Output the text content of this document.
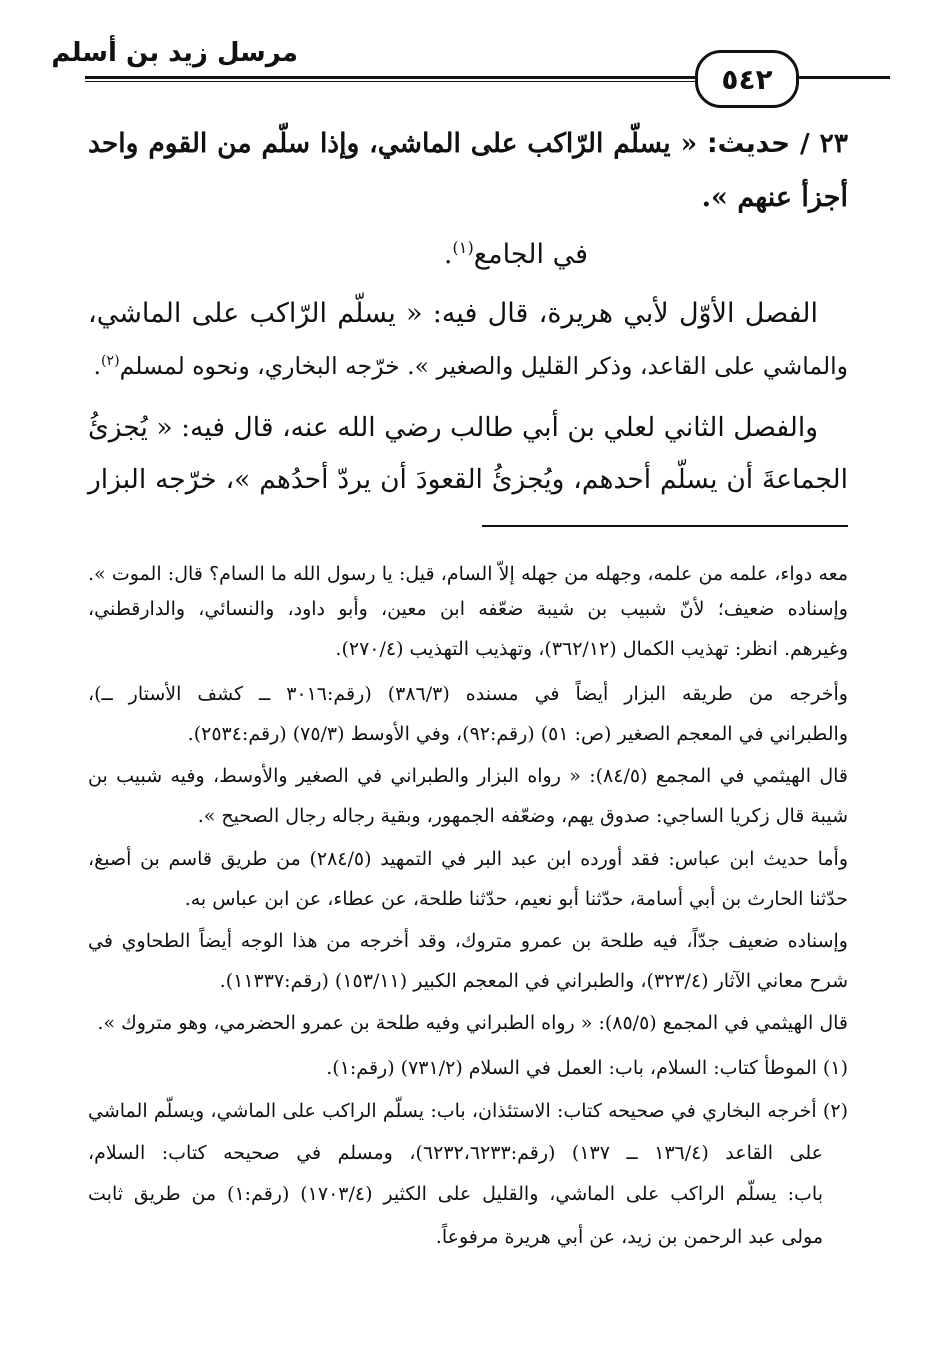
مرسل زيد بن أسلم
٥٤٢
٢٣ / حديث: « يسلّم الرّاكب على الماشي، وإذا سلّم من القوم واحد
أجزأ عنهم ».
في الجامع$^{(١)}$.
الفصل الأوّل لأبي هريرة، قال فيه: « يسلّم الرّاكب على الماشي،
والماشي على القاعد، وذكر القليل والصغير ». خرّجه البخاري، ونحوه لمسلم$^{(٢)}$.
والفصل الثاني لعلي بن أبي طالب رضي الله عنه، قال فيه: « يُجزئُ
الجماعةَ أن يسلّم أحدهم، ويُجزئُ القعودَ أن يردّ أحدُهم »، خرّجه البزار
معه دواء، علمه من علمه، وجهله من جهله إلاّ السام، قيل: يا رسول الله ما السام؟ قال: الموت ».
وإسناده ضعيف؛ لأنّ شبيب بن شيبة ضعّفه ابن معين، وأبو داود، والنسائي، والدارقطني،
وغيرهم. انظر: تهذيب الكمال (٣٦٢/١٢)، وتهذيب التهذيب (٢٧٠/٤).
وأخرجه من طريقه البزار أيضاً في مسنده (٣٨٦/٣) (رقم:٣٠١٦ ــ كشف الأستار ــ)،
والطبراني في المعجم الصغير (ص: ٥١) (رقم:٩٢)، وفي الأوسط (٧٥/٣) (رقم:٢٥٣٤).
قال الهيثمي في المجمع (٨٤/٥): « رواه البزار والطبراني في الصغير والأوسط، وفيه شبيب بن
شيبة قال زكريا الساجي: صدوق يهم، وضعّفه الجمهور، وبقية رجاله رجال الصحيح ».
وأما حديث ابن عباس: فقد أورده ابن عبد البر في التمهيد (٢٨٤/٥) من طريق قاسم بن أصبغ،
حدّثنا الحارث بن أبي أسامة، حدّثنا أبو نعيم، حدّثنا طلحة، عن عطاء، عن ابن عباس به.
وإسناده ضعيف جدّاً، فيه طلحة بن عمرو متروك، وقد أخرجه من هذا الوجه أيضاً الطحاوي في
شرح معاني الآثار (٣٢٣/٤)، والطبراني في المعجم الكبير (١٥٣/١١) (رقم:١١٣٣٧).
قال الهيثمي في المجمع (٨٥/٥): « رواه الطبراني وفيه طلحة بن عمرو الحضرمي، وهو متروك ».
(١) الموطأ كتاب: السلام، باب: العمل في السلام (٧٣١/٢) (رقم:١).
(٢) أخرجه البخاري في صحيحه كتاب: الاستئذان، باب: يسلّم الراكب على الماشي، ويسلّم الماشي
على القاعد (١٣٦/٤ ــ ١٣٧) (رقم:٦٢٣٢،٦٢٣٣)، ومسلم في صحيحه كتاب: السلام،
باب: يسلّم الراكب على الماشي، والقليل على الكثير (١٧٠٣/٤) (رقم:١) من طريق ثابت
مولى عبد الرحمن بن زيد، عن أبي هريرة مرفوعاً.
